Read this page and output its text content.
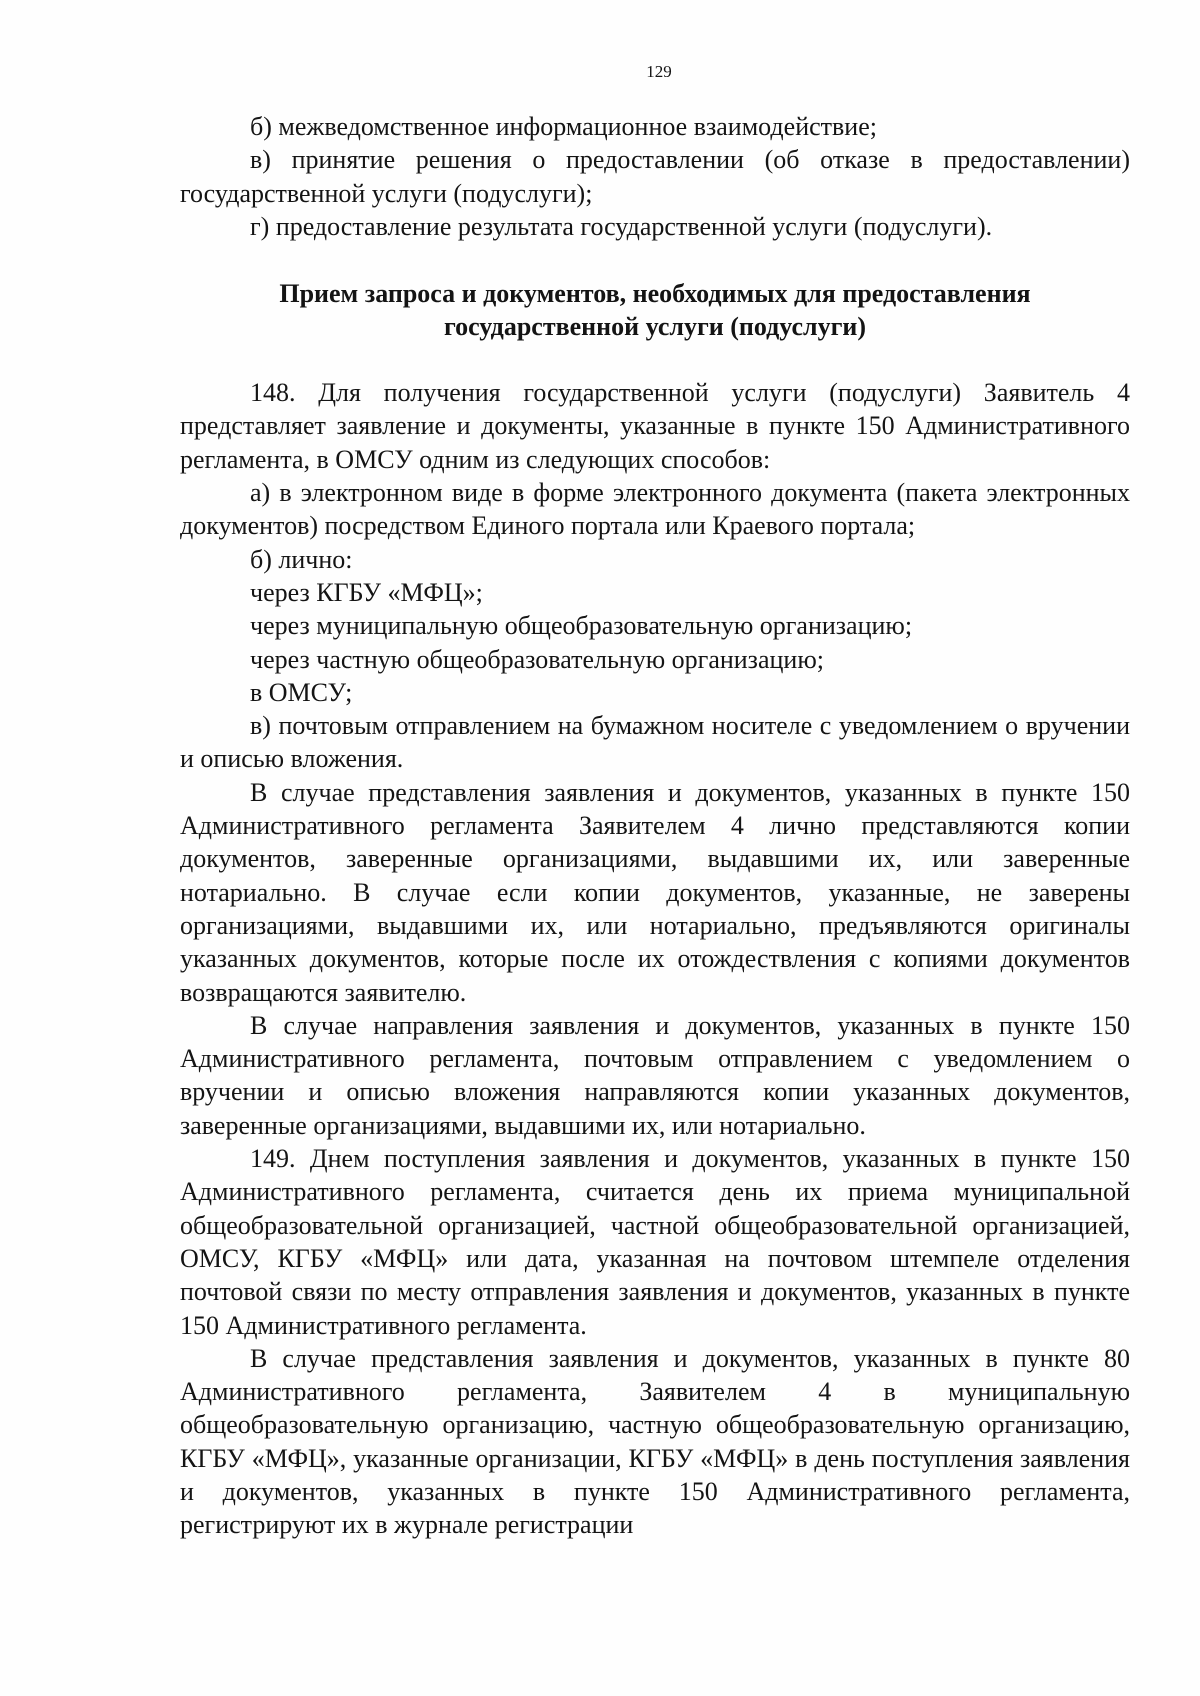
129

б) межведомственное информационное взаимодействие;

в) принятие решения о предоставлении (об отказе в предоставлении) государственной услуги (подуслуги);

г) предоставление результата государственной услуги (подуслуги).

Прием запроса и документов, необходимых для предоставления
государственной услуги (подуслуги)

148. Для получения государственной услуги (подуслуги) Заявитель 4 представляет заявление и документы, указанные в пункте 150 Административного регламента, в ОМСУ одним из следующих способов:

а) в электронном виде в форме электронного документа (пакета электронных документов) посредством Единого портала или Краевого портала;

б) лично:

через КГБУ «МФЦ»;

через муниципальную общеобразовательную организацию;

через частную общеобразовательную организацию;

в ОМСУ;

в) почтовым отправлением на бумажном носителе с уведомлением о вручении и описью вложения.

В случае представления заявления и документов, указанных в пункте 150 Административного регламента Заявителем 4 лично представляются копии документов, заверенные организациями, выдавшими их, или заверенные нотариально. В случае если копии документов, указанные, не заверены организациями, выдавшими их, или нотариально, предъявляются оригиналы указанных документов, которые после их отождествления с копиями документов возвращаются заявителю.

В случае направления заявления и документов, указанных в пункте 150 Административного регламента, почтовым отправлением с уведомлением о вручении и описью вложения направляются копии указанных документов, заверенные организациями, выдавшими их, или нотариально.

149. Днем поступления заявления и документов, указанных в пункте 150 Административного регламента, считается день их приема муниципальной общеобразовательной организацией, частной общеобразовательной организацией, ОМСУ, КГБУ «МФЦ» или дата, указанная на почтовом штемпеле отделения почтовой связи по месту отправления заявления и документов, указанных в пункте 150 Административного регламента.

В случае представления заявления и документов, указанных в пункте 80 Административного регламента, Заявителем 4 в муниципальную общеобразовательную организацию, частную общеобразовательную организацию, КГБУ «МФЦ», указанные организации, КГБУ «МФЦ» в день поступления заявления и документов, указанных в пункте 150 Административного регламента, регистрируют их в журнале регистрации
